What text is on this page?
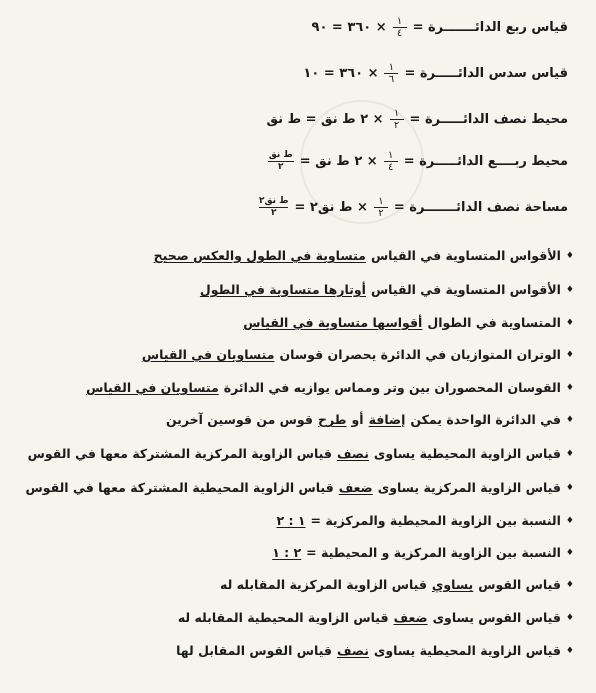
قياس ربع الدائـــــــرة =
$\frac{١}{٤}$
× ٣٦٠ = ٩٠
قياس سدس الدائـــــرة =
$\frac{١}{٦}$
× ٣٦٠ = ١٠
محيط نصف الدائـــــرة =
$\frac{١}{٢}$
× ٢ ط نق = ط نق
محيط ربــــع الدائـــــرة =
$\frac{١}{٤}$
× ٢ ط نق =
$\frac{\text{ط نق}}{٢}$
مساحة نصف الدائـــــــرة =
$\frac{١}{٢}$
× ط نق٢ =
$\frac{\text{ط نق٢}}{٢}$
♦
الأقواس المتساوية في القياس
متساوية في الطول والعكس صحيح
♦
الأقواس المتساوية في القياس
أوتارها متساوية في الطول
♦
المتساوية في الطوال
أقواسها متساوية في القياس
♦
الوتران المتوازيان في الدائرة يحصران قوسان
متساويان في القياس
♦
القوسان المحصوران بين وتر ومماس يوازيه في الدائرة
متساويان في القياس
♦
في الدائرة الواحدة يمكن
إضافة
أو
طرح
قوس من قوسين آخرين
♦
قياس الزاوية المحيطية يساوى
نصف
قياس الزاوية المركزية المشتركة معها في القوس
♦
قياس الزاوية المركزية يساوى
ضعف
قياس الزاوية المحيطية المشتركة معها في القوس
♦
النسبة بين الزاوية المحيطية والمركزية =
١ : ٢
♦
النسبة بين الزاوية المركزية و المحيطية =
٢ : ١
♦
قياس القوس
يساوي
قياس الزاوية المركزية المقابله له
♦
قياس القوس يساوى
ضعف
قياس الزاوية المحيطية المقابله له
♦
قياس الزاوية المحيطية يساوى
نصف
قياس القوس المقابل لها
